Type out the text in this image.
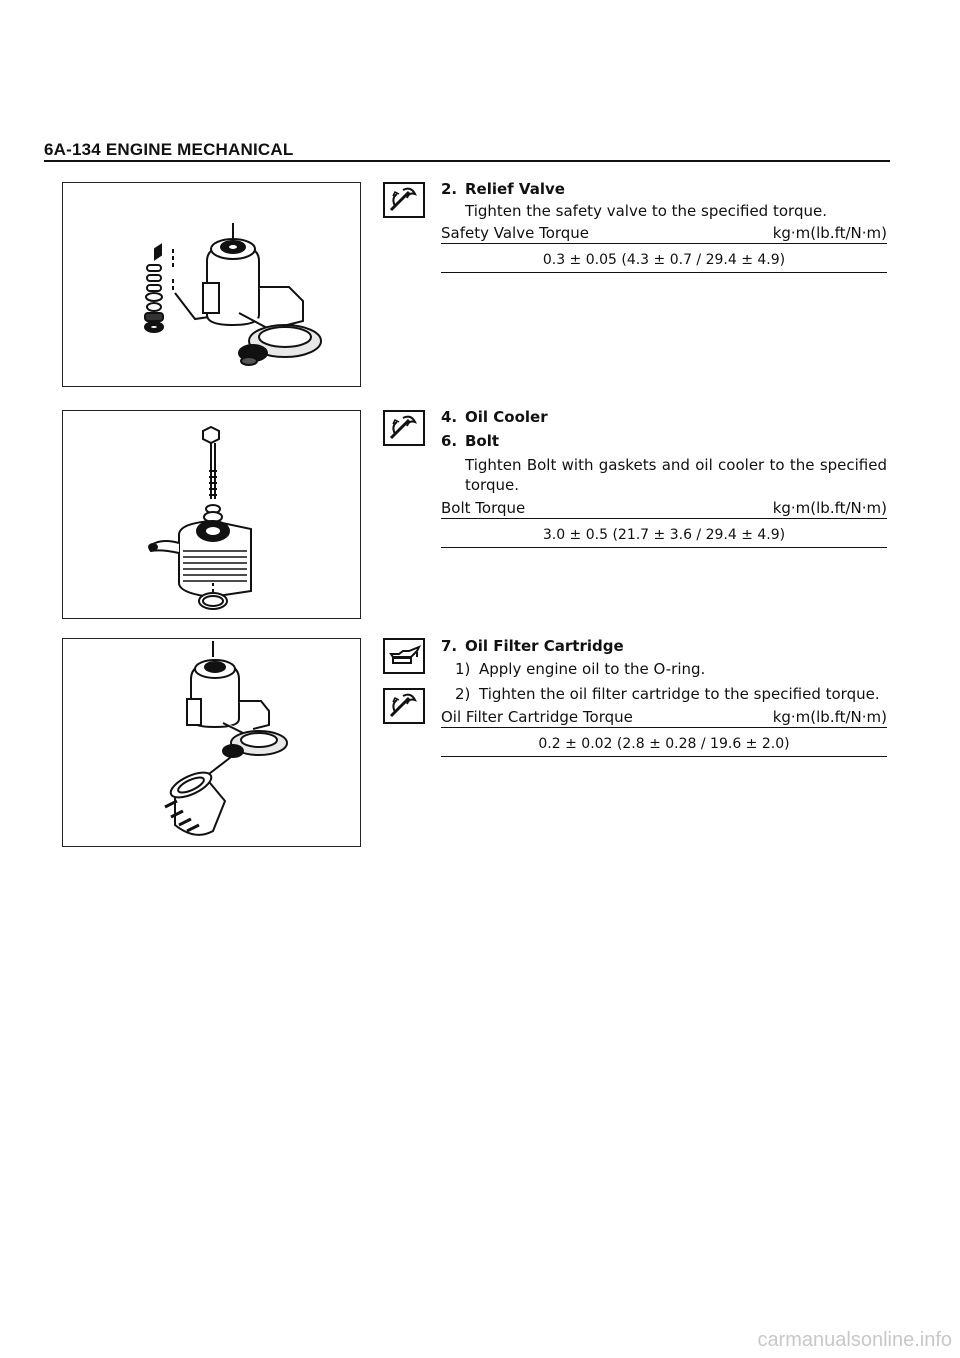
6A-134 ENGINE MECHANICAL
2. Relief Valve
Tighten the safety valve to the specified torque.
Safety Valve Torque	kg·m(lb.ft/N·m)
0.3 ± 0.05 (4.3 ± 0.7 / 29.4 ± 4.9)
4. Oil Cooler
6. Bolt
Tighten Bolt with gaskets and oil cooler to the specified torque.
Bolt Torque	kg·m(lb.ft/N·m)
3.0 ± 0.5 (21.7 ± 3.6 / 29.4 ± 4.9)
7. Oil Filter Cartridge
1) Apply engine oil to the O-ring.
2) Tighten the oil filter cartridge to the specified torque.
Oil Filter Cartridge Torque	kg·m(lb.ft/N·m)
0.2 ± 0.02 (2.8 ± 0.28 / 19.6 ± 2.0)
carmanualsonline.info
